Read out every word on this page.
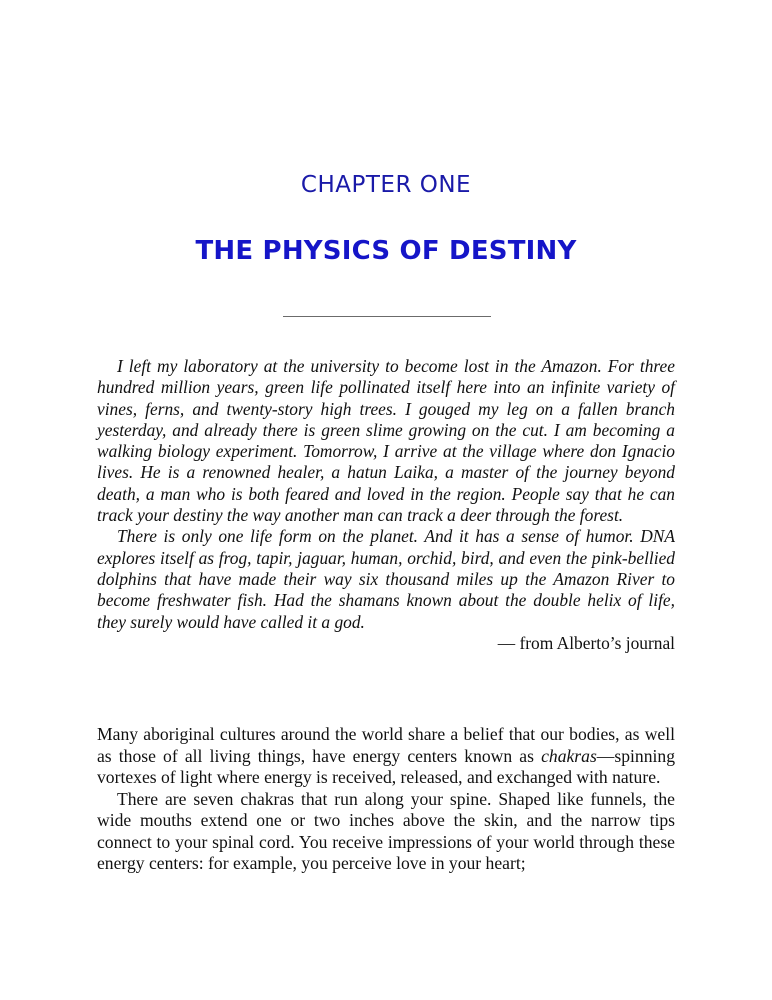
CHAPTER ONE
THE PHYSICS OF DESTINY

I left my laboratory at the university to become lost in the Amazon. For three hundred million years, green life pollinated itself here into an infinite variety of vines, ferns, and twenty-story high trees. I gouged my leg on a fallen branch yesterday, and already there is green slime growing on the cut. I am becoming a walking biology experiment. Tomorrow, I arrive at the village where don Ignacio lives. He is a renowned healer, a hatun Laika, a master of the journey beyond death, a man who is both feared and loved in the region. People say that he can track your destiny the way another man can track a deer through the forest.

There is only one life form on the planet. And it has a sense of humor. DNA explores itself as frog, tapir, jaguar, human, orchid, bird, and even the pink-bellied dolphins that have made their way six thousand miles up the Amazon River to become freshwater fish. Had the shamans known about the double helix of life, they surely would have called it a god.

— from Alberto’s journal

Many aboriginal cultures around the world share a belief that our bodies, as well as those of all living things, have energy centers known as chakras—spinning vortexes of light where energy is received, released, and exchanged with nature.

There are seven chakras that run along your spine. Shaped like funnels, the wide mouths extend one or two inches above the skin, and the narrow tips connect to your spinal cord. You receive impressions of your world through these energy centers: for example, you perceive love in your heart;
